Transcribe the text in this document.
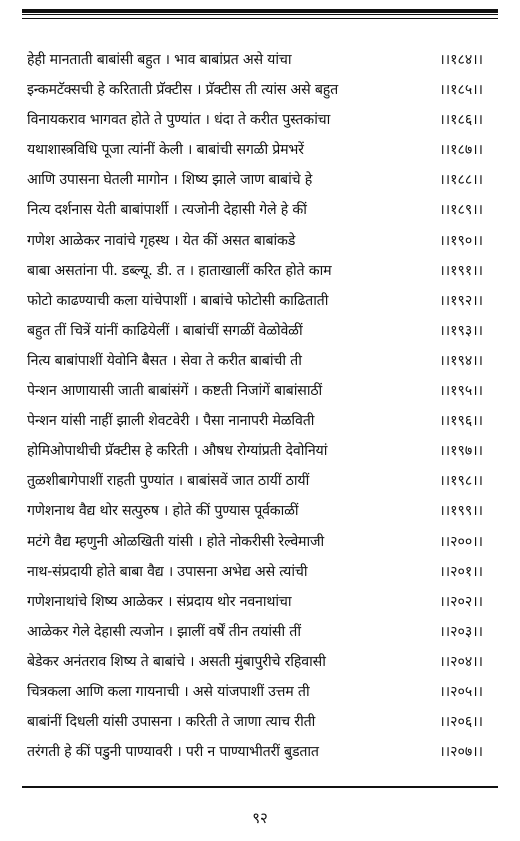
हेही मानताती बाबांसी बहुत । भाव बाबांप्रत असे यांचा	।।१८४।।
इन्कमटॅक्सची हे करिताती प्रॅक्टीस । प्रॅक्टीस ती त्यांस असे बहुत	।।१८५।।
विनायकराव भागवत होते ते पुण्यांत । धंदा ते करीत पुस्तकांचा	।।१८६।।
यथाशास्त्रविधि पूजा त्यांनीं केली । बाबांची सगळी प्रेमभरें	।।१८७।।
आणि उपासना घेतली मागोन । शिष्य झाले जाण बाबांचे हे	।।१८८।।
नित्य दर्शनास येती बाबांपार्शी । त्यजोनी देहासी गेले हे कीं	।।१८९।।
गणेश आळेकर नावांचे गृहस्थ । येत कीं असत बाबांकडे	।।१९०।।
बाबा असतांना पी. डब्ल्यू. डी. त । हाताखालीं करित होते काम	।।१९१।।
फोटो काढण्याची कला यांचेपाशीं । बाबांचे फोटोसी काढिताती	।।१९२।।
बहुत तीं चित्रें यांनीं काढियेलीं । बाबांचीं सगळीं वेळोवेळीं	।।१९३।।
नित्य बाबांपाशीं येवोनि बैसत । सेवा ते करीत बाबांची ती	।।१९४।।
पेन्शन आणायासी जाती बाबांसंगें । कष्टती निजांगें बाबांसाठीं	।।१९५।।
पेन्शन यांसी नाहीं झाली शेवटवेरी । पैसा नानापरी मेळविती	।।१९६।।
होमिओपाथीची प्रॅक्टीस हे करिती । औषध रोग्यांप्रती देवोनियां	।।१९७।।
तुळशीबागेपाशीं राहती पुण्यांत । बाबांसवें जात ठायीं ठायीं	।।१९८।।
गणेशनाथ वैद्य थोर सत्पुरुष । होते कीं पुण्यास पूर्वकाळीं	।।१९९।।
मटंगे वैद्य म्हणुनी ओळखिती यांसी । होते नोकरीसी रेल्वेमाजी	।।२००।।
नाथ-संप्रदायी होते बाबा वैद्य । उपासना अभेद्य असे त्यांची	।।२०१।।
गणेशनाथांचे शिष्य आळेकर । संप्रदाय थोर नवनाथांचा	।।२०२।।
आळेकर गेले देहासी त्यजोन । झालीं वर्षें तीन तयांसी तीं	।।२०३।।
बेडेकर अनंतराव शिष्य ते बाबांचे । असती मुंबापुरीचे रहिवासी	।।२०४।।
चित्रकला आणि कला गायनाची । असे यांजपाशीं उत्तम ती	।।२०५।।
बाबांनीं दिधली यांसी उपासना । करिती ते जाणा त्याच रीती	।।२०६।।
तरंगती हे कीं पडुनी पाण्यावरी । परी न पाण्याभीतरीं बुडतात	।।२०७।।
९२
